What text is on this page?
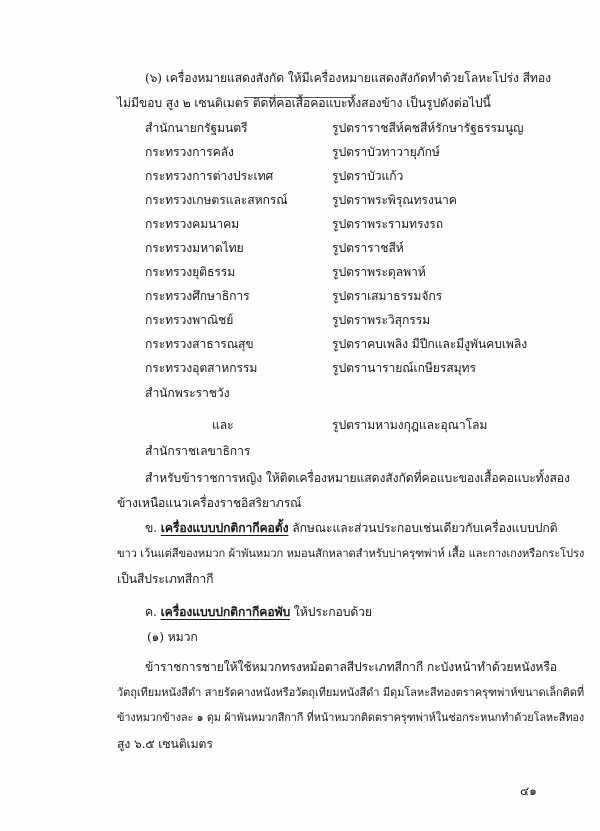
(๖) เครื่องหมายแสดงสังกัด ให้มีเครื่องหมายแสดงสังกัดทำด้วยโลหะโปร่ง สีทอง
ไม่มีขอบ สูง ๒ เซนติเมตร ติดที่คอเสื้อคอแบะทั้งสองข้าง เป็นรูปดังต่อไปนี้
สำนักนายกรัฐมนตรี	รูปตราราชสีห์คชสีห์รักษารัฐธรรมนูญ
กระทรวงการคลัง	รูปตราบัวทาวายุภักษ์
กระทรวงการต่างประเทศ	รูปตราบัวแก้ว
กระทรวงเกษตรและสหกรณ์	รูปตราพระพิรุณทรงนาค
กระทรวงคมนาคม	รูปตราพระรามทรงรถ
กระทรวงมหาดไทย	รูปตราราชสีห์
กระทรวงยุติธรรม	รูปตราพระดุลพาห์
กระทรวงศึกษาธิการ	รูปตราเสมาธรรมจักร
กระทรวงพาณิชย์	รูปตราพระวิสุกรรม
กระทรวงสาธารณสุข	รูปตราคบเพลิง มีปีกและมีงูพันคบเพลิง
กระทรวงอุตสาหกรรม	รูปตรานารายณ์เกษียรสมุทร
สำนักพระราชวัง
และ	รูปตรามหามงกุฎและอุณาโลม
สำนักราชเลขาธิการ
สำหรับข้าราชการหญิง ให้ติดเครื่องหมายแสดงสังกัดที่คอแบะของเสื้อคอแบะทั้งสอง
ข้างเหนือแนวเครื่องราชอิสริยาภรณ์
ข. เครื่องแบบปกติกากีคอตั้ง ลักษณะและส่วนประกอบเช่นเดียวกับเครื่องแบบปกติ
ขาว เว้นแต่สีของหมวก ผ้าพันหมวก หมอนสักหลาดสำหรับบ่าครุฑพ่าห์ เสื้อ และกางเกงหรือกระโปรง
เป็นสีประเภทสีกากี
ค. เครื่องแบบปกติกากีคอพับ ให้ประกอบด้วย
(๑) หมวก
ข้าราชการชายให้ใช้หมวกทรงหม้อตาลสีประเภทสีกากี กะบังหน้าทำด้วยหนังหรือ
วัตถุเทียมหนังสีดำ สายรัดคางหนังหรือวัตถุเทียมหนังสีดำ มีดุมโลหะสีทองตราครุฑพ่าห์ขนาดเล็กติดที่
ข้างหมวกข้างละ ๑ ดุม ผ้าพันหมวกสีกากี ที่หน้าหมวกติดตราครุฑพ่าห์ในช่อกระหนกทำด้วยโลหะสีทอง
สูง ๖.๕ เซนติเมตร
๔๑
